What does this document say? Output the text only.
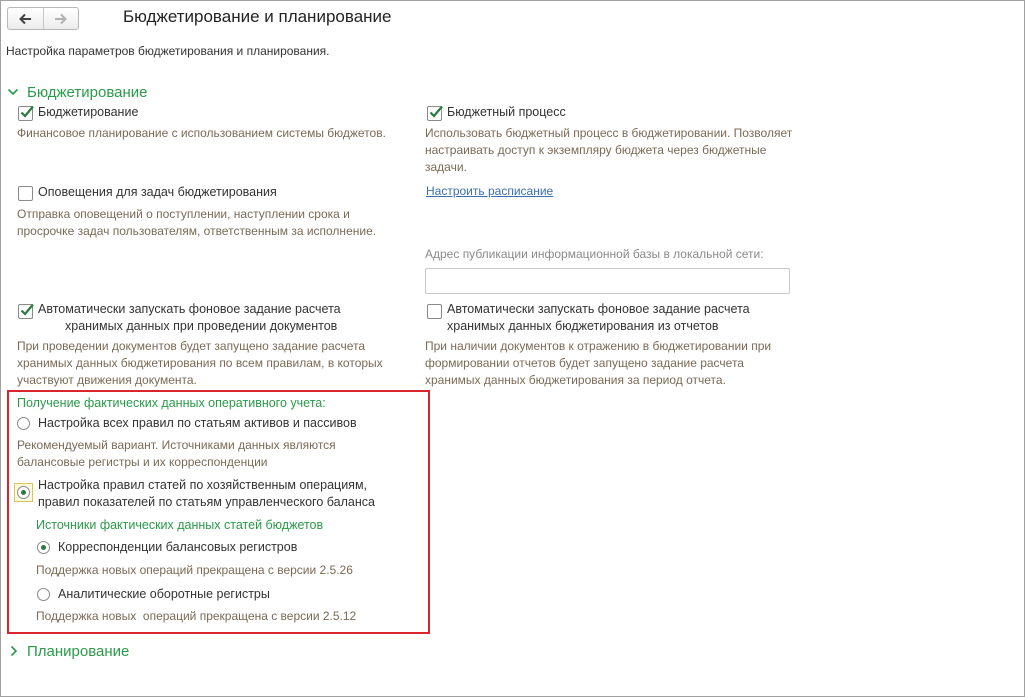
Бюджетирование и планирование
Настройка параметров бюджетирования и планирования.
Бюджетирование
Бюджетирование
Финансовое планирование с использованием системы бюджетов.
Бюджетный процесс
Использовать бюджетный процесс в бюджетировании. Позволяет
настраивать доступ к экземпляру бюджета через бюджетные
задачи.
Оповещения для задач бюджетирования
Отправка оповещений о поступлении, наступлении срока и
просрочке задач пользователям, ответственным за исполнение.
Настроить расписание
Адрес публикации информационной базы в локальной сети:
Автоматически запускать фоновое задание расчета
хранимых данных при проведении документов
При проведении документов будет запущено задание расчета
хранимых данных бюджетирования по всем правилам, в которых
участвуют движения документа.
Автоматически запускать фоновое задание расчета
хранимых данных бюджетирования из отчетов
При наличии документов к отражению в бюджетировании при
формировании отчетов будет запущено задание расчета
хранимых данных бюджетирования за период отчета.
Получение фактических данных оперативного учета:
Настройка всех правил по статьям активов и пассивов
Рекомендуемый вариант. Источниками данных являются
балансовые регистры и их корреспонденции
Настройка правил статей по хозяйственным операциям,
правил показателей по статьям управленческого баланса
Источники фактических данных статей бюджетов
Корреспонденции балансовых регистров
Поддержка новых операций прекращена с версии 2.5.26
Аналитические оборотные регистры
Поддержка новых  операций прекращена с версии 2.5.12
Планирование
